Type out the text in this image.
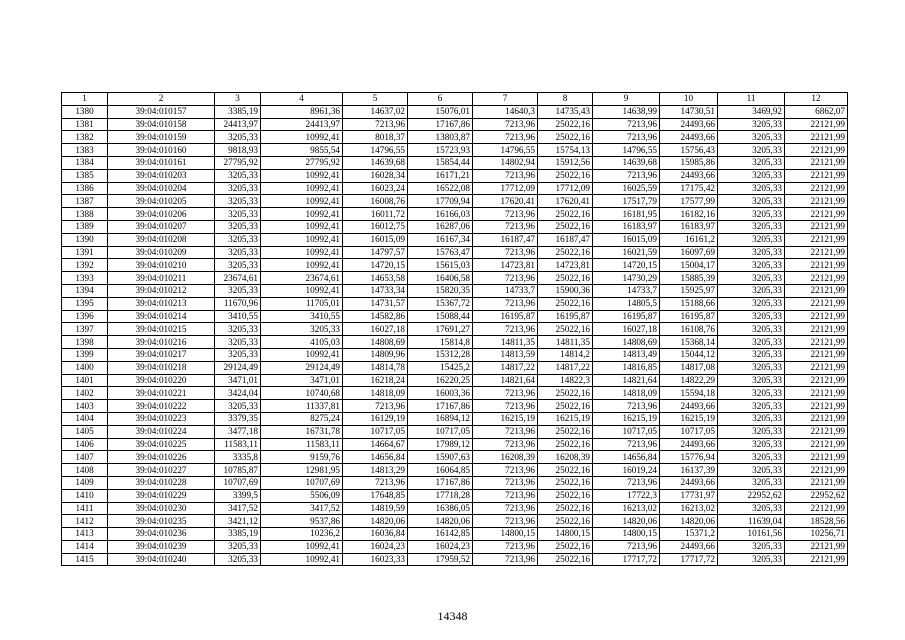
1	2	3	4	5	6	7	8	9	10	11	12
1380	39:04:010157	3385,19	8961,36	14637,02	15076,01	14640,3	14735,43	14638,99	14730,51	3469,92	6862,07
1381	39:04:010158	24413,97	24413,97	7213,96	17167,86	7213,96	25022,16	7213,96	24493,66	3205,33	22121,99
1382	39:04:010159	3205,33	10992,41	8018,37	13803,87	7213,96	25022,16	7213,96	24493,66	3205,33	22121,99
1383	39:04:010160	9818,93	9855,54	14796,55	15723,93	14796,55	15754,13	14796,55	15756,43	3205,33	22121,99
1384	39:04:010161	27795,92	27795,92	14639,68	15854,44	14802,94	15912,56	14639,68	15985,86	3205,33	22121,99
1385	39:04:010203	3205,33	10992,41	16028,34	16171,21	7213,96	25022,16	7213,96	24493,66	3205,33	22121,99
1386	39:04:010204	3205,33	10992,41	16023,24	16522,08	17712,09	17712,09	16025,59	17175,42	3205,33	22121,99
1387	39:04:010205	3205,33	10992,41	16008,76	17709,94	17620,41	17620,41	17517,79	17577,99	3205,33	22121,99
1388	39:04:010206	3205,33	10992,41	16011,72	16166,03	7213,96	25022,16	16181,95	16182,16	3205,33	22121,99
1389	39:04:010207	3205,33	10992,41	16012,75	16287,06	7213,96	25022,16	16183,97	16183,97	3205,33	22121,99
1390	39:04:010208	3205,33	10992,41	16015,09	16167,34	16187,47	16187,47	16015,09	16161,2	3205,33	22121,99
1391	39:04:010209	3205,33	10992,41	14797,57	15763,47	7213,96	25022,16	16021,59	16097,69	3205,33	22121,99
1392	39:04:010210	3205,33	10992,41	14720,15	15615,03	14723,81	14723,81	14720,15	15004,17	3205,33	22121,99
1393	39:04:010211	23674,61	23674,61	14653,58	16406,58	7213,96	25022,16	14730,29	15885,39	3205,33	22121,99
1394	39:04:010212	3205,33	10992,41	14733,34	15820,35	14733,7	15900,36	14733,7	15925,97	3205,33	22121,99
1395	39:04:010213	11670,96	11705,01	14731,57	15367,72	7213,96	25022,16	14805,5	15188,66	3205,33	22121,99
1396	39:04:010214	3410,55	3410,55	14582,86	15088,44	16195,87	16195,87	16195,87	16195,87	3205,33	22121,99
1397	39:04:010215	3205,33	3205,33	16027,18	17691,27	7213,96	25022,16	16027,18	16108,76	3205,33	22121,99
1398	39:04:010216	3205,33	4105,03	14808,69	15814,8	14811,35	14811,35	14808,69	15368,14	3205,33	22121,99
1399	39:04:010217	3205,33	10992,41	14809,96	15312,28	14813,59	14814,2	14813,49	15044,12	3205,33	22121,99
1400	39:04:010218	29124,49	29124,49	14814,78	15425,2	14817,22	14817,22	14816,85	14817,08	3205,33	22121,99
1401	39:04:010220	3471,01	3471,01	16218,24	16220,25	14821,64	14822,3	14821,64	14822,29	3205,33	22121,99
1402	39:04:010221	3424,04	10740,68	14818,09	16003,36	7213,96	25022,16	14818,09	15594,18	3205,33	22121,99
1403	39:04:010222	3205,33	11337,81	7213,96	17167,86	7213,96	25022,16	7213,96	24493,66	3205,33	22121,99
1404	39:04:010223	3379,35	8275,24	16129,19	16894,12	16215,19	16215,19	16215,19	16215,19	3205,33	22121,99
1405	39:04:010224	3477,18	16731,78	10717,05	10717,05	7213,96	25022,16	10717,05	10717,05	3205,33	22121,99
1406	39:04:010225	11583,11	11583,11	14664,67	17989,12	7213,96	25022,16	7213,96	24493,66	3205,33	22121,99
1407	39:04:010226	3335,8	9159,76	14656,84	15907,63	16208,39	16208,39	14656,84	15776,94	3205,33	22121,99
1408	39:04:010227	10785,87	12981,95	14813,29	16064,85	7213,96	25022,16	16019,24	16137,39	3205,33	22121,99
1409	39:04:010228	10707,69	10707,69	7213,96	17167,86	7213,96	25022,16	7213,96	24493,66	3205,33	22121,99
1410	39:04:010229	3399,5	5506,09	17648,85	17718,28	7213,96	25022,16	17722,3	17731,97	22952,62	22952,62
1411	39:04:010230	3417,52	3417,52	14819,59	16386,05	7213,96	25022,16	16213,02	16213,02	3205,33	22121,99
1412	39:04:010235	3421,12	9537,86	14820,06	14820,06	7213,96	25022,16	14820,06	14820,06	11639,04	18528,56
1413	39:04:010236	3385,19	10236,2	16036,84	16142,85	14800,15	14800,15	14800,15	15371,2	10161,56	10256,71
1414	39:04:010239	3205,33	10992,41	16024,23	16024,23	7213,96	25022,16	7213,96	24493,66	3205,33	22121,99
1415	39:04:010240	3205,33	10992,41	16023,33	17959,52	7213,96	25022,16	17717,72	17717,72	3205,33	22121,99
14348
